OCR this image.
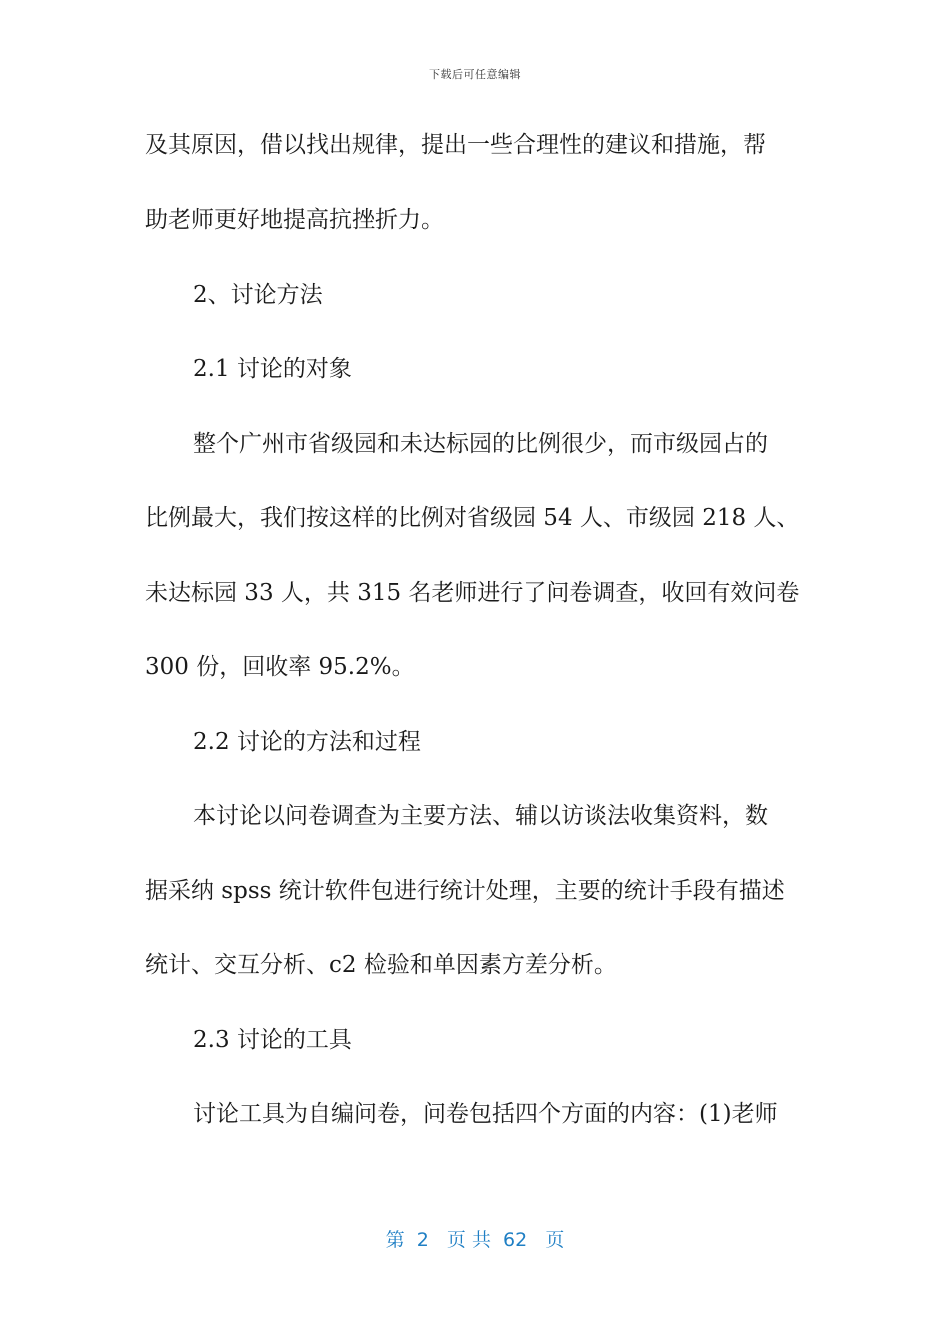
下载后可任意编辑

及其原因，借以找出规律，提出一些合理性的建议和措施，帮

助老师更好地提高抗挫折力。

2、讨论方法

2.1 讨论的对象

整个广州市省级园和未达标园的比例很少，而市级园占的

比例最大，我们按这样的比例对省级园 54 人、市级园 218 人、

未达标园 33 人，共 315 名老师进行了问卷调查，收回有效问卷

300 份，回收率 95.2%。

2.2 讨论的方法和过程

本讨论以问卷调查为主要方法、辅以访谈法收集资料，数

据采纳 spss 统计软件包进行统计处理，主要的统计手段有描述

统计、交互分析、c2 检验和单因素方差分析。

2.3 讨论的工具

讨论工具为自编问卷，问卷包括四个方面的内容：(1)老师

第  2   页 共  62   页
